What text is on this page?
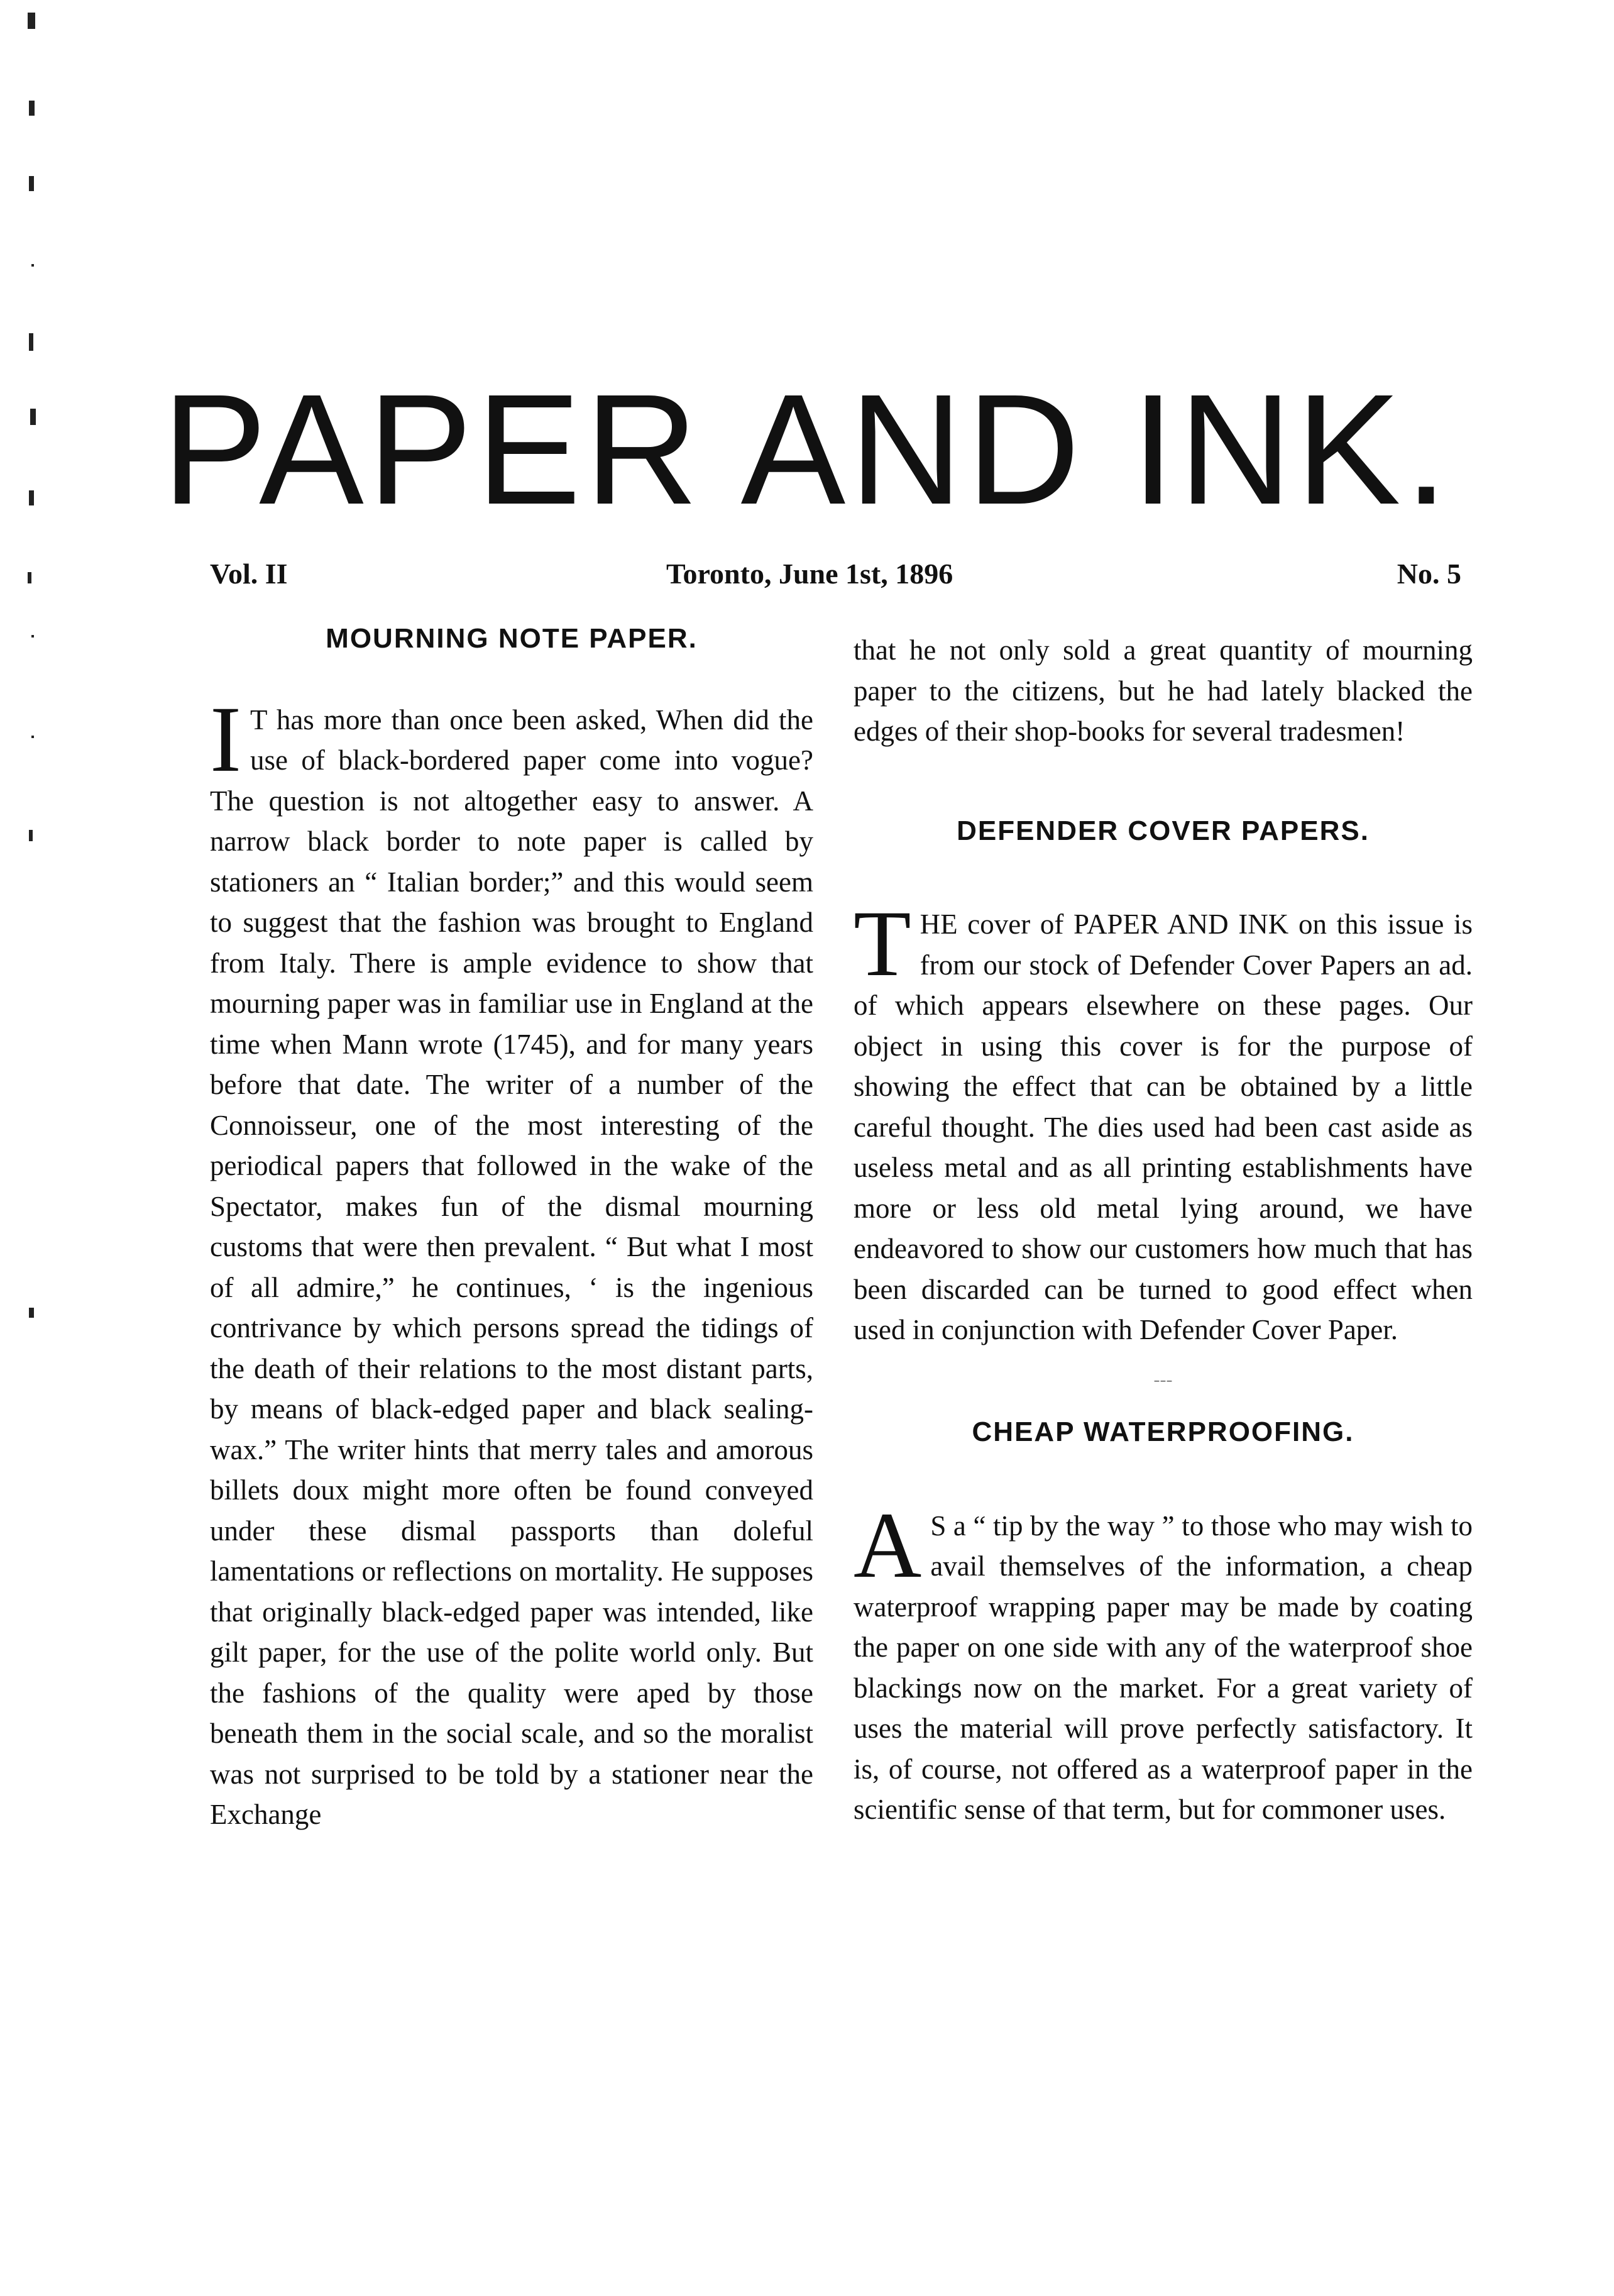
PAPER AND INK.
Vol. II	Toronto, June 1st, 1896	No. 5
MOURNING NOTE PAPER.

I T has more than once been asked, When did the use of black-bordered paper come into vogue? The question is not altogether easy to answer. A narrow black border to note paper is called by stationers an “ Italian border;” and this would seem to suggest that the fashion was brought to England from Italy. There is ample evidence to show that mourning paper was in familiar use in England at the time when Mann wrote (1745), and for many years before that date. The writer of a number of the Connoisseur, one of the most interesting of the periodical papers that followed in the wake of the Spectator, makes fun of the dismal mourning customs that were then prevalent. “ But what I most of all admire,” he continues, ‘ is the ingenious contrivance by which persons spread the tidings of the death of their relations to the most distant parts, by means of black-edged paper and black sealing-wax.” The writer hints that merry tales and amorous billets doux might more often be found conveyed under these dismal passports than doleful lamentations or reflections on mortality. He supposes that originally black-edged paper was intended, like gilt paper, for the use of the polite world only. But the fashions of the quality were aped by those beneath them in the social scale, and so the moralist was not surprised to be told by a stationer near the Exchange

that he not only sold a great quantity of mourning paper to the citizens, but he had lately blacked the edges of their shop-books for several tradesmen!

DEFENDER COVER PAPERS.

THE cover of PAPER AND INK on this issue is from our stock of Defender Cover Papers an ad. of which appears elsewhere on these pages. Our object in using this cover is for the purpose of showing the effect that can be obtained by a little careful thought. The dies used had been cast aside as useless metal and as all printing establishments have more or less old metal lying around, we have endeavored to show our customers how much that has been discarded can be turned to good effect when used in conjunction with Defender Cover Paper.

---
CHEAP WATERPROOFING.

A S a “ tip by the way ” to those who may wish to avail themselves of the information, a cheap waterproof wrapping paper may be made by coating the paper on one side with any of the waterproof shoe blackings now on the market. For a great variety of uses the material will prove perfectly satisfactory. It is, of course, not offered as a waterproof paper in the scientific sense of that term, but for commoner uses.
